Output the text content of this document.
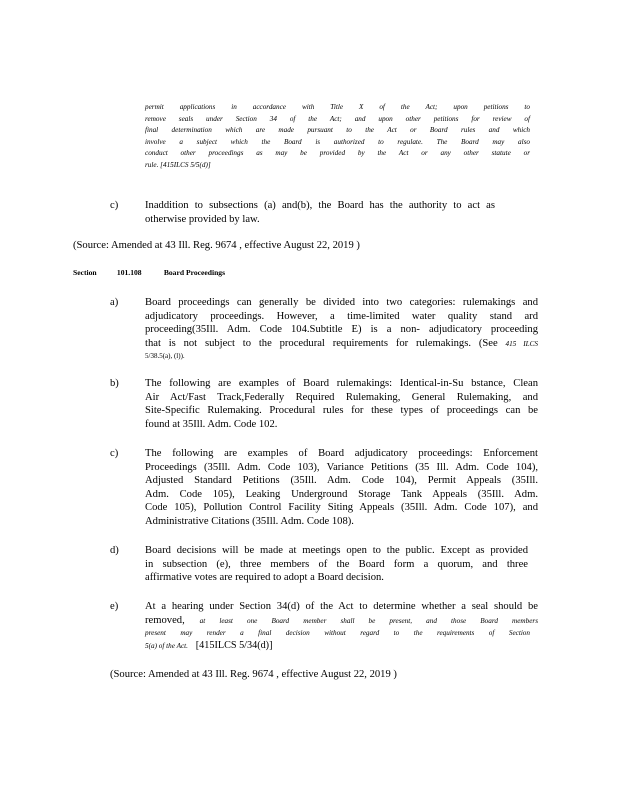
permit applications in accordance with Title X of the Act; upon petitions to
remove seals under Section 34 of the Act; and upon other petitions for review of
final determination which are made pursuant to the Act or Board rules and which
involve a subject which the Board is authorized to regulate. The Board may also
conduct other proceedings as may be provided by the Act or any other statute or
rule. [415ILCS 5/5(d)]
c)	Inaddition to subsections (a) and(b), the Board has the authority to act as
otherwise provided by law.
(Source: Amended at 43 Ill. Reg. 9674 , effective August 22, 2019 )
Section	101.108	Board Proceedings
a)	Board proceedings can generally be divided into two categories: rulemakings and
adjudicatory proceedings. However, a time-limited water quality stand ard
proceeding(35Ill. Adm. Code 104.Subtitle E) is a non- adjudicatory proceeding
that is not subject to the procedural requirements for rulemakings. (See 415 ILCS
5/38.5(a), (l)).
b) The following are examples of Board rulemakings: Identical-in-Su bstance, Clean
Air Act/Fast Track,Federally Required Rulemaking, General Rulemaking, and
Site-Specific Rulemaking. Procedural rules for these types of proceedings can be
found at 35Ill. Adm. Code 102.
c)	The following are examples of Board adjudicatory proceedings: Enforcement
Proceedings (35Ill. Adm. Code 103), Variance Petitions (35 Ill. Adm. Code 104),
Adjusted Standard Petitions (35Ill. Adm. Code 104), Permit Appeals (35Ill.
Adm. Code 105), Leaking Underground Storage Tank Appeals (35Ill. Adm.
Code 105), Pollution Control Facility Siting Appeals (35Ill. Adm. Code 107), and
Administrative Citations (35Ill. Adm. Code 108).
d) Board decisions will be made at meetings open to the public. Except as provided
in subsection (e), three members of the Board form a quorum, and three
affirmative votes are required to adopt a Board decision.
e)	At a hearing under Section 34(d) of the Act to determine whether a seal should be
removed, at least one Board member shall be present, and those Board members
present may render a final decision without regard to the requirements of Section
5(a) of the Act. [415ILCS 5/34(d)]
(Source: Amended at 43 Ill. Reg. 9674 , effective August 22, 2019 )
